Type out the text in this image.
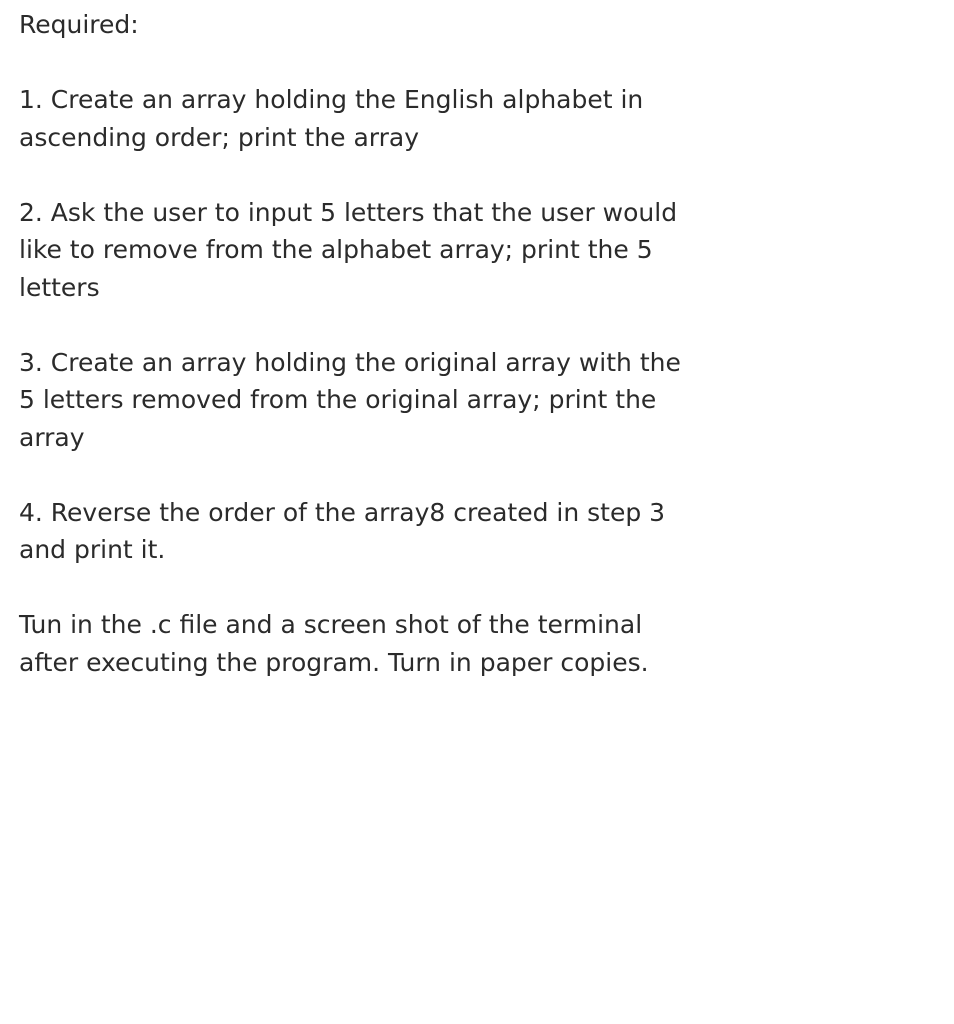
Required:

1. Create an array holding the English alphabet in
ascending order; print the array

2. Ask the user to input 5 letters that the user would
like to remove from the alphabet array; print the 5
letters

3. Create an array holding the original array with the
5 letters removed from the original array; print the
array

4. Reverse the order of the array8 created in step 3
and print it.

Tun in the .c file and a screen shot of the terminal
after executing the program. Turn in paper copies.
